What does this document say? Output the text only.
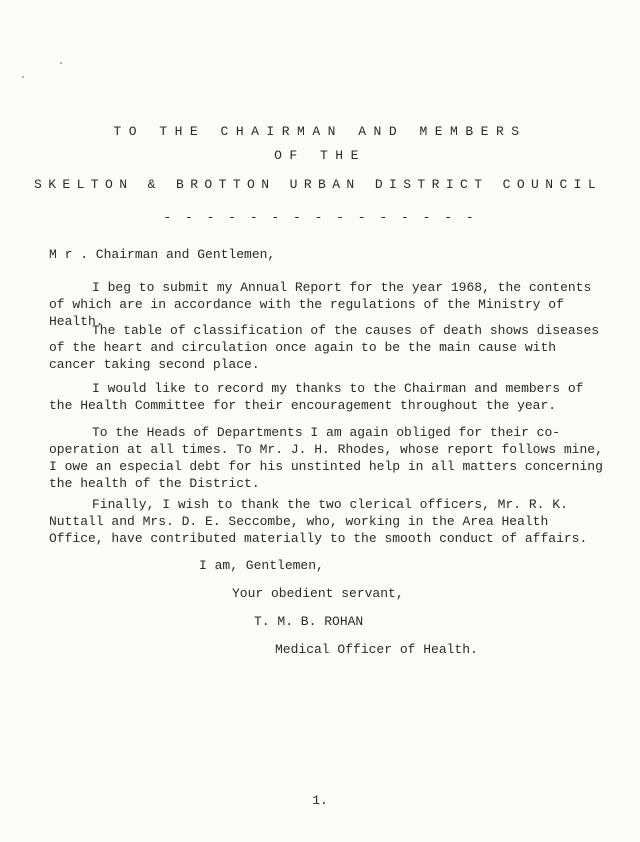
TO THE CHAIRMAN AND MEMBERS
OF THE
SKELTON & BROTTON URBAN DISTRICT COUNCIL
- - - - - - - - - - - - - - -
M r . Chairman and Gentlemen,
I beg to submit my Annual Report for the year 1968, the contents of which are in accordance with the regulations of the Ministry of Health.
The table of classification of the causes of death shows diseases of the heart and circulation once again to be the main cause with cancer taking second place.
I would like to record my thanks to the Chairman and members of the Health Committee for their encouragement throughout the year.
To the Heads of Departments I am again obliged for their co-operation at all times. To Mr. J. H. Rhodes, whose report follows mine, I owe an especial debt for his unstinted help in all matters concerning the health of the District.
Finally, I wish to thank the two clerical officers, Mr. R. K. Nuttall and Mrs. D. E. Seccombe, who, working in the Area Health Office, have contributed materially to the smooth conduct of affairs.
I am, Gentlemen,
Your obedient servant,
T. M. B. ROHAN
Medical Officer of Health.
1.
